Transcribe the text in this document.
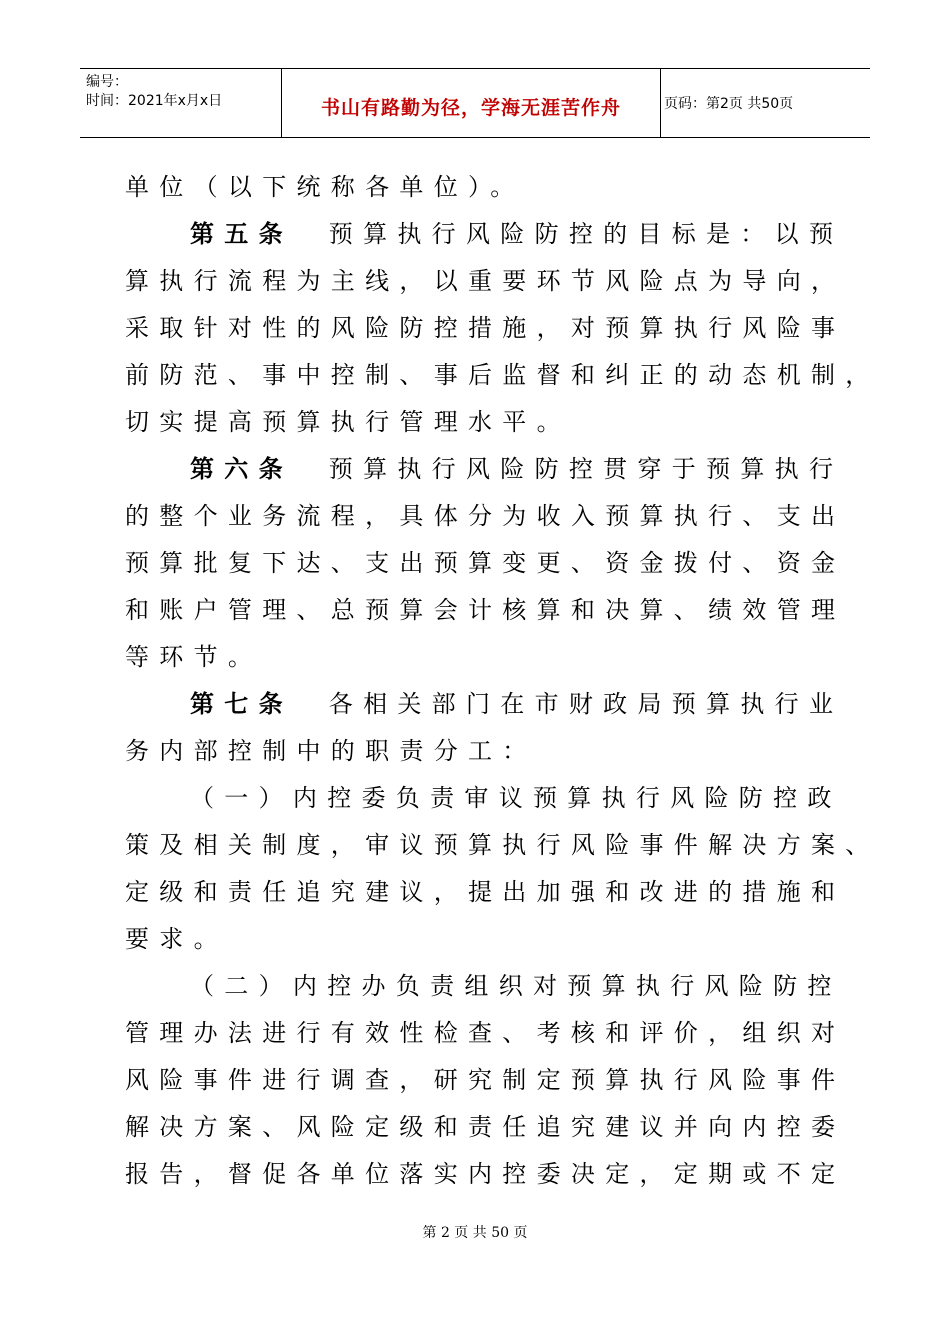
编号：
时间：2021年x月x日	书山有路勤为径，学海无涯苦作舟	页码：第2页 共50页
单位（以下统称各单位）。
第五条 预算执行风险防控的目标是：以预
算执行流程为主线，以重要环节风险点为导向，
采取针对性的风险防控措施，对预算执行风险事
前防范、事中控制、事后监督和纠正的动态机制，
切实提高预算执行管理水平。
第六条 预算执行风险防控贯穿于预算执行
的整个业务流程，具体分为收入预算执行、支出
预算批复下达、支出预算变更、资金拨付、资金
和账户管理、总预算会计核算和决算、绩效管理
等环节。
第七条 各相关部门在市财政局预算执行业
务内部控制中的职责分工：
（一）内控委负责审议预算执行风险防控政
策及相关制度，审议预算执行风险事件解决方案、
定级和责任追究建议，提出加强和改进的措施和
要求。
（二）内控办负责组织对预算执行风险防控
管理办法进行有效性检查、考核和评价，组织对
风险事件进行调查，研究制定预算执行风险事件
解决方案、风险定级和责任追究建议并向内控委
报告，督促各单位落实内控委决定，定期或不定
第 2 页 共 50 页
